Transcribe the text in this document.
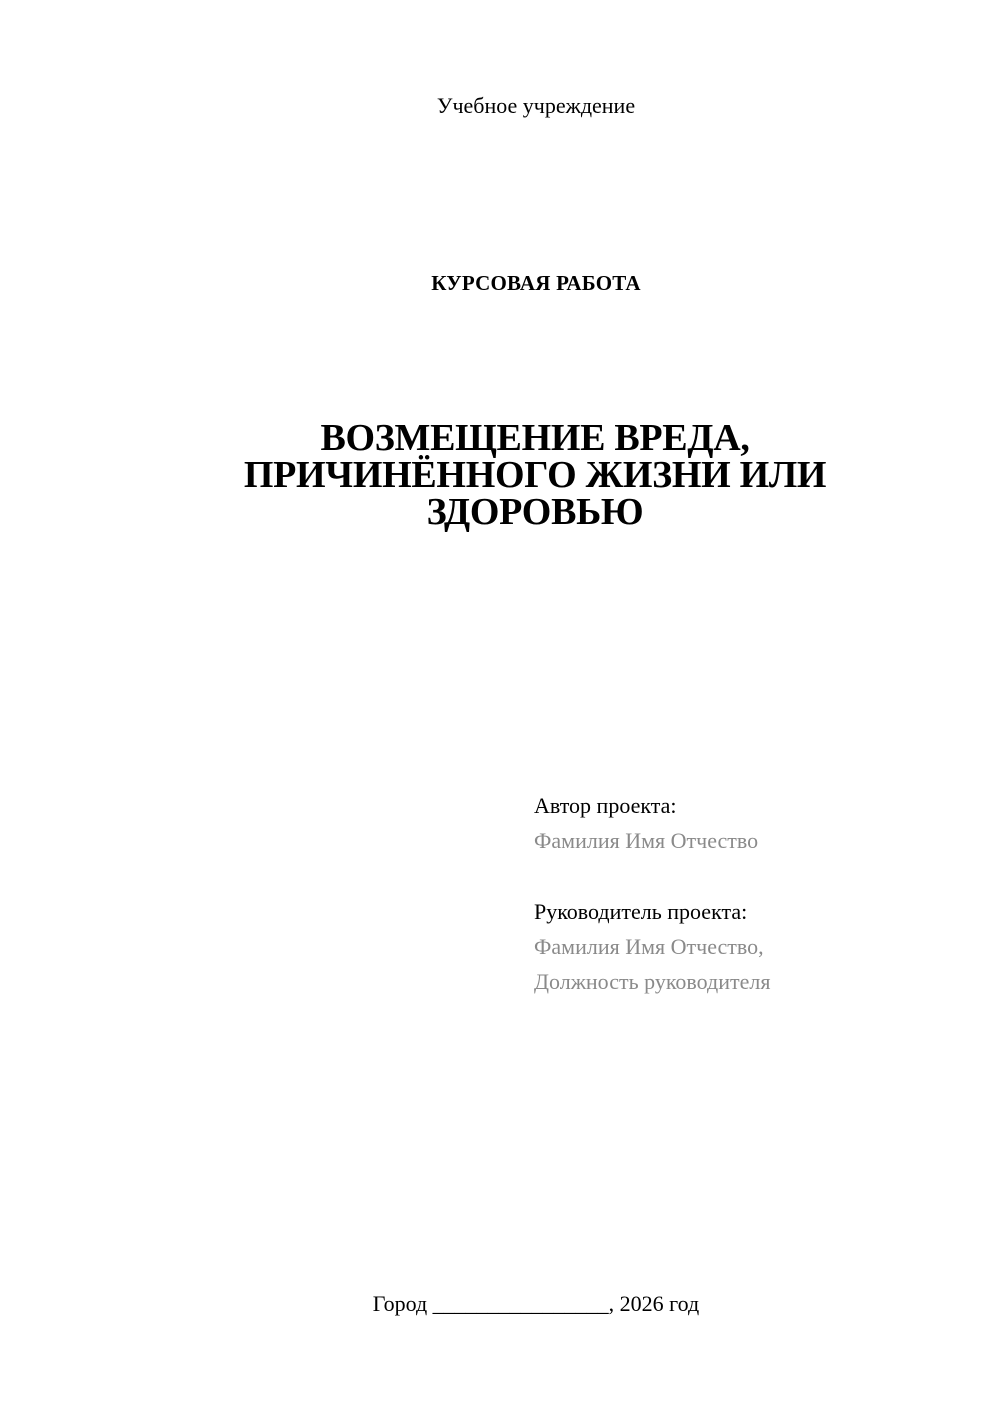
Учебное учреждение
КУРСОВАЯ РАБОТА
ВОЗМЕЩЕНИЕ ВРЕДА,
ПРИЧИНЁННОГО ЖИЗНИ ИЛИ
ЗДОРОВЬЮ
Автор проекта:
Фамилия Имя Отчество
Руководитель проекта:
Фамилия Имя Отчество,
Должность руководителя
Город ________________, 2026 год
